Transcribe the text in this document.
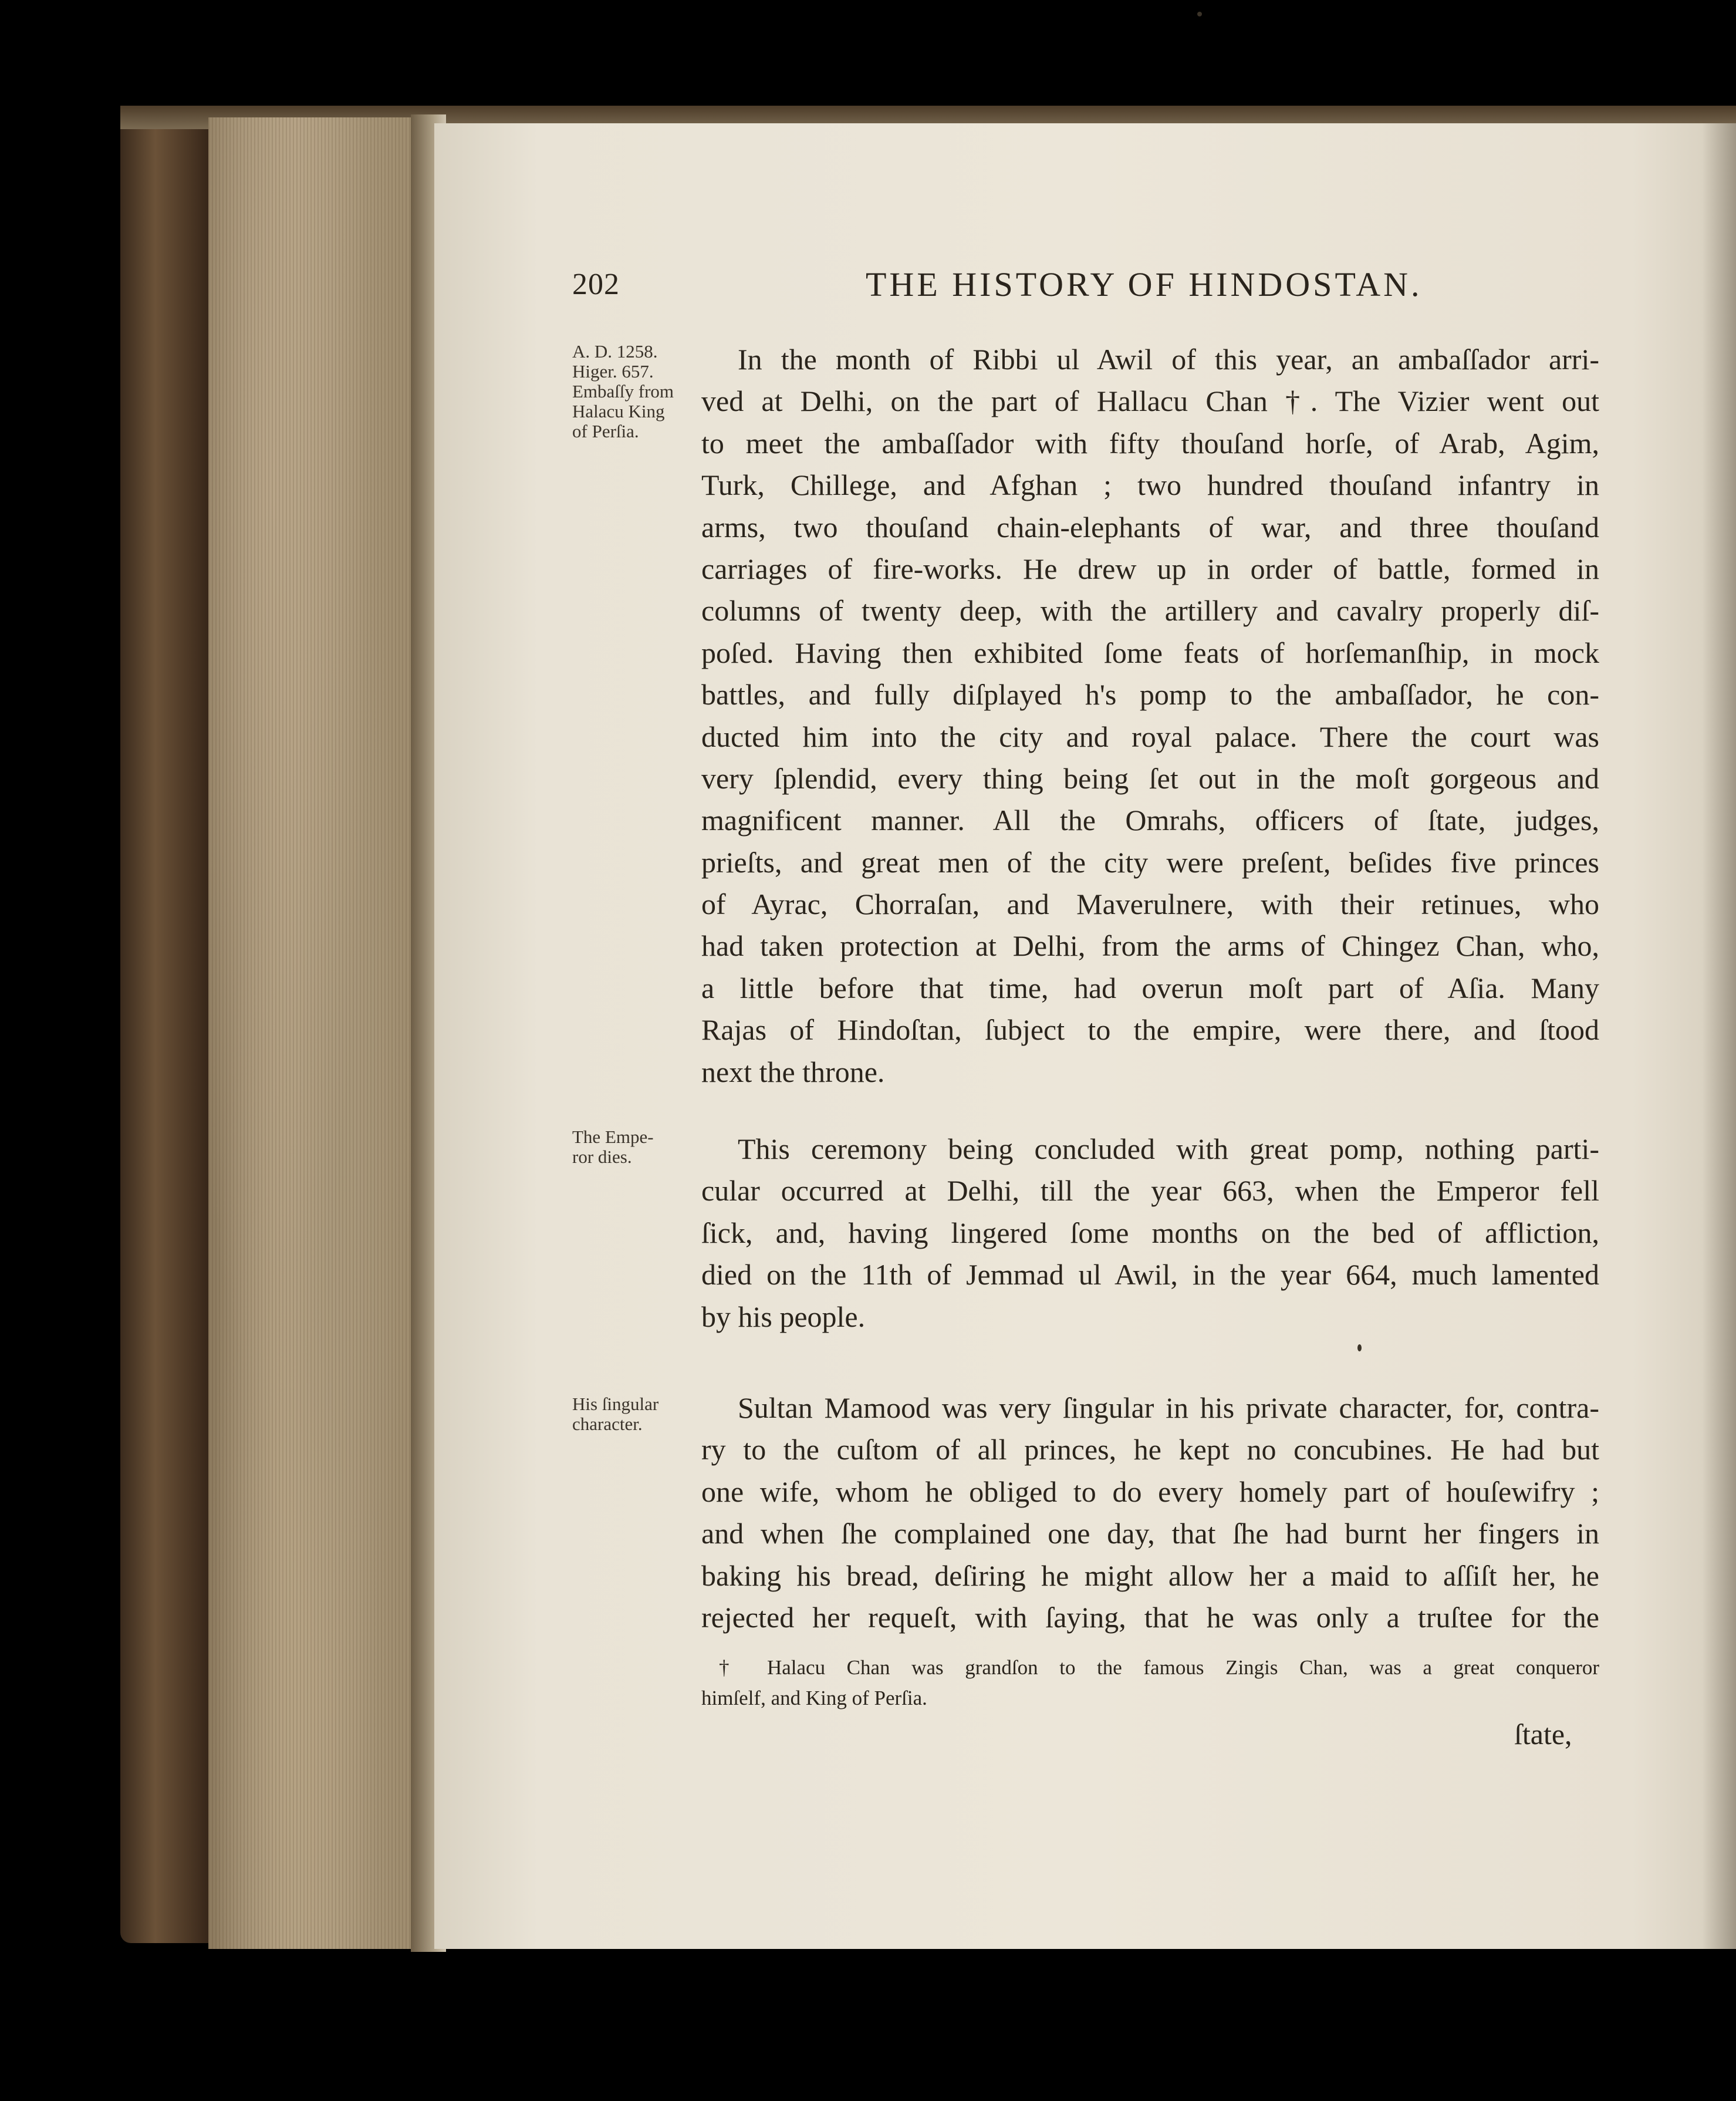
202	THE HISTORY OF HINDOSTAN.
A. D. 1258.
Higer. 657.
Embaſſy from
Halacu King
of Perſia.
The Empe-
ror dies.
His ſingular
character.
In the month of Ribbi ul Awil of this year, an ambaſſador arri-
ved at Delhi, on the part of Hallacu Chan †. The Vizier went out
to meet the ambaſſador with fifty thouſand horſe, of Arab, Agim,
Turk, Chillege, and Afghan ; two hundred thouſand infantry in
arms, two thouſand chain-elephants of war, and three thouſand
carriages of fire-works. He drew up in order of battle, formed in
columns of twenty deep, with the artillery and cavalry properly diſ-
poſed. Having then exhibited ſome feats of horſemanſhip, in mock
battles, and fully diſplayed h's pomp to the ambaſſador, he con-
ducted him into the city and royal palace. There the court was
very ſplendid, every thing being ſet out in the moſt gorgeous and
magnificent manner. All the Omrahs, officers of ſtate, judges,
prieſts, and great men of the city were preſent, beſides five princes
of Ayrac, Chorraſan, and Maverulnere, with their retinues, who
had taken protection at Delhi, from the arms of Chingez Chan, who,
a little before that time, had overun moſt part of Aſia. Many
Rajas of Hindoſtan, ſubject to the empire, were there, and ſtood
next the throne.
This ceremony being concluded with great pomp, nothing parti-
cular occurred at Delhi, till the year 663, when the Emperor fell
ſick, and, having lingered ſome months on the bed of affliction,
died on the 11th of Jemmad ul Awil, in the year 664, much lamented
by his people.
Sultan Mamood was very ſingular in his private character, for, contra-
ry to the cuſtom of all princes, he kept no concubines. He had but
one wife, whom he obliged to do every homely part of houſewifry ;
and when ſhe complained one day, that ſhe had burnt her fingers in
baking his bread, deſiring he might allow her a maid to aſſiſt her, he
rejected her requeſt, with ſaying, that he was only a truſtee for the
† Halacu Chan was grandſon to the famous Zingis Chan, was a great conqueror
himſelf, and King of Perſia.
ſtate,
